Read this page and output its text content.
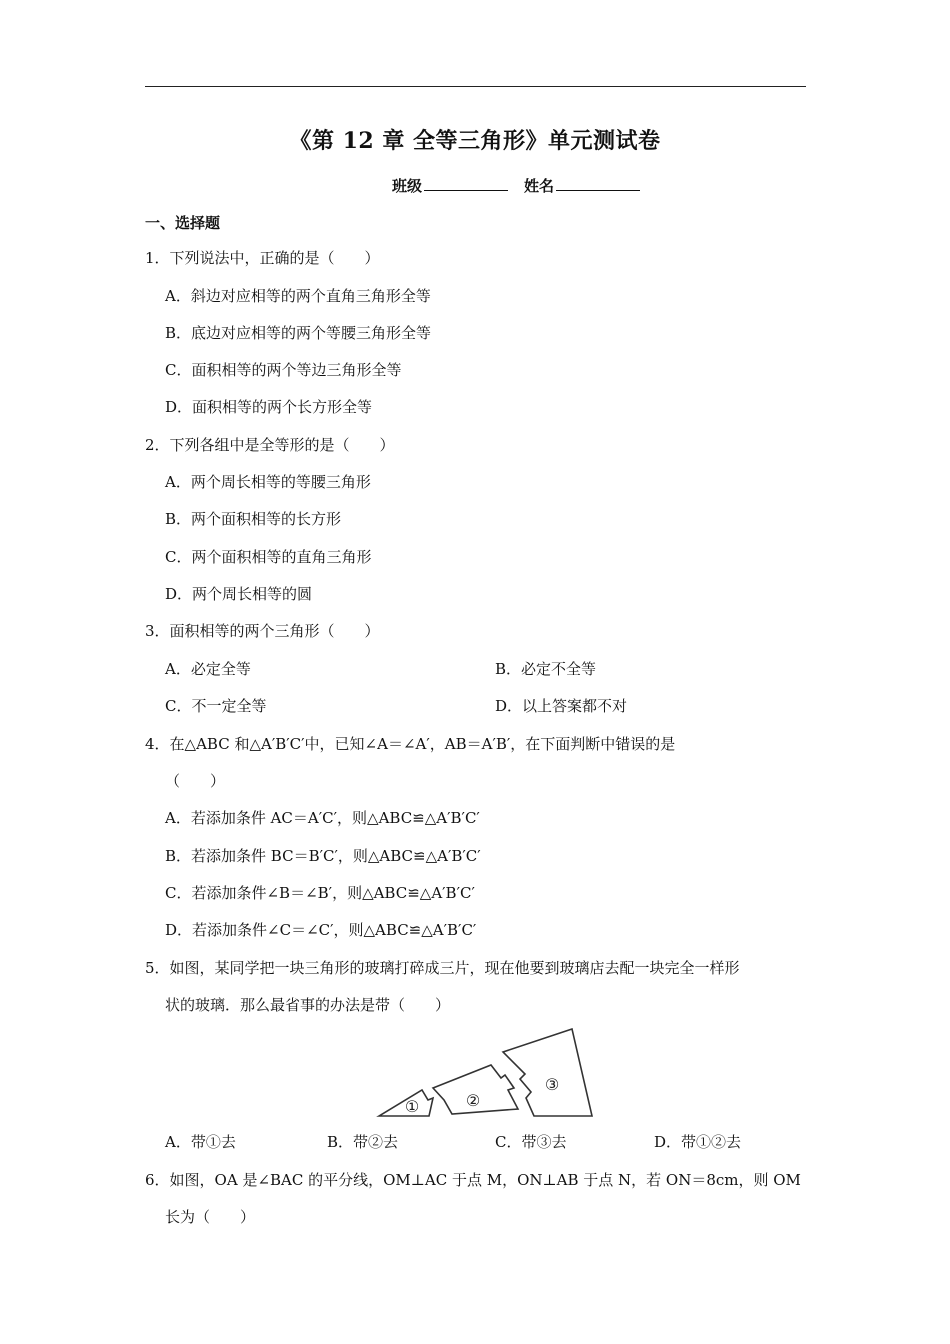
《第 12 章 全等三角形》单元测试卷
班级	姓名
一、选择题
1．下列说法中，正确的是（　　）
A．斜边对应相等的两个直角三角形全等
B．底边对应相等的两个等腰三角形全等
C．面积相等的两个等边三角形全等
D．面积相等的两个长方形全等
2．下列各组中是全等形的是（　　）
A．两个周长相等的等腰三角形
B．两个面积相等的长方形
C．两个面积相等的直角三角形
D．两个周长相等的圆
3．面积相等的两个三角形（　　）
A．必定全等	B．必定不全等
C．不一定全等	D．以上答案都不对
4．在△ABC 和△A′B′C′中，已知∠A＝∠A′，AB＝A′B′，在下面判断中错误的是
（　　）
A．若添加条件 AC＝A′C′，则△ABC≌△A′B′C′
B．若添加条件 BC＝B′C′，则△ABC≌△A′B′C′
C．若添加条件∠B＝∠B′，则△ABC≌△A′B′C′
D．若添加条件∠C＝∠C′，则△ABC≌△A′B′C′
5．如图，某同学把一块三角形的玻璃打碎成三片，现在他要到玻璃店去配一块完全一样形
状的玻璃．那么最省事的办法是带（　　）
①	②
③
A．带①去	B．带②去	C．带③去	D．带①②去
6．如图，OA 是∠BAC 的平分线，OM⊥AC 于点 M，ON⊥AB 于点 N，若 ON＝8cm，则 OM
长为（　　）
